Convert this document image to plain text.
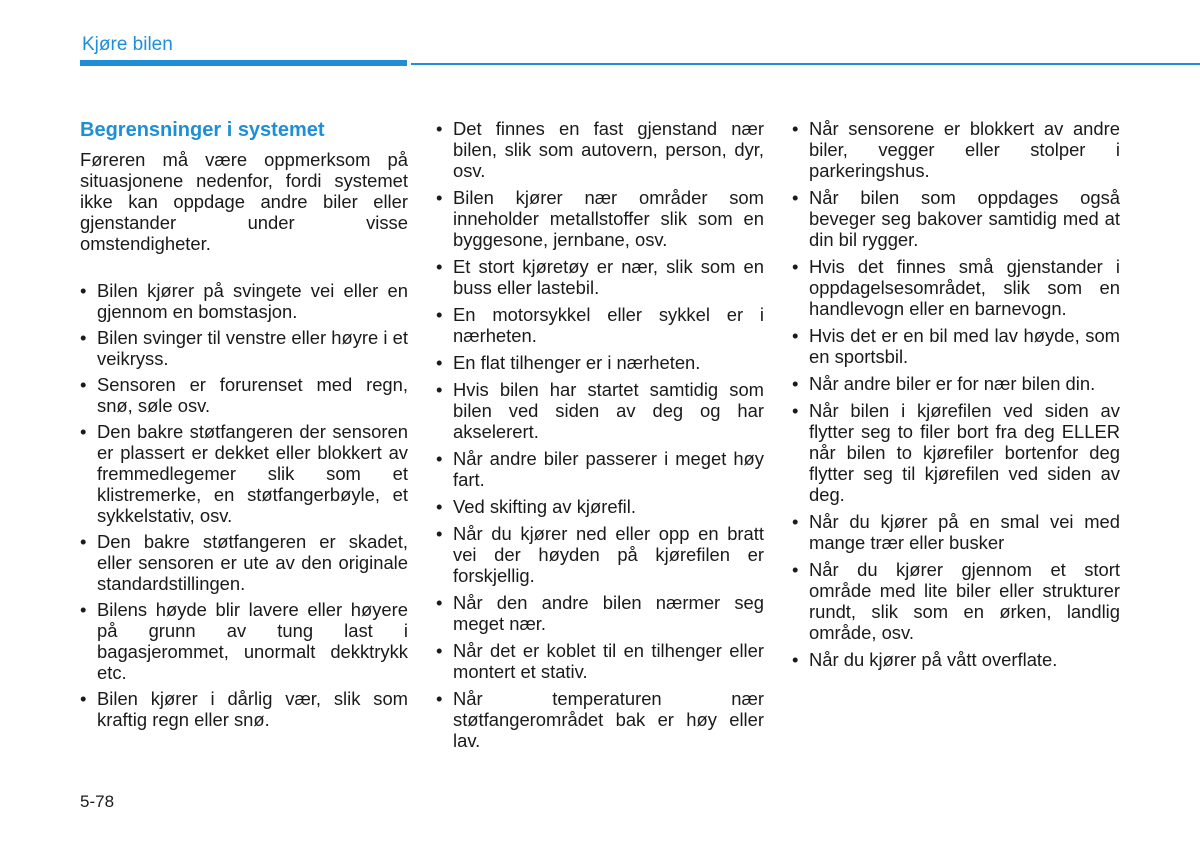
Kjøre bilen
Begrensninger i systemet
Føreren må være oppmerksom på situasjonene nedenfor, fordi systemet ikke kan oppdage andre biler eller gjenstander under visse omstendigheter.
• Bilen kjører på svingete vei eller en gjennom en bomstasjon.
• Bilen svinger til venstre eller høyre i et veikryss.
• Sensoren er forurenset med regn, snø, søle osv.
• Den bakre støtfangeren der sensoren er plassert er dekket eller blokkert av fremmedlegemer slik som et klistremerke, en støtfangerbøyle, et sykkelstativ, osv.
• Den bakre støtfangeren er skadet, eller sensoren er ute av den originale standardstillingen.
• Bilens høyde blir lavere eller høyere på grunn av tung last i bagasjerommet, unormalt dekktrykk etc.
• Bilen kjører i dårlig vær, slik som kraftig regn eller snø.
• Det finnes en fast gjenstand nær bilen, slik som autovern, person, dyr, osv.
• Bilen kjører nær områder som inneholder metallstoffer slik som en byggesone, jernbane, osv.
• Et stort kjøretøy er nær, slik som en buss eller lastebil.
• En motorsykkel eller sykkel er i nærheten.
• En flat tilhenger er i nærheten.
• Hvis bilen har startet samtidig som bilen ved siden av deg og har akselerert.
• Når andre biler passerer i meget høy fart.
• Ved skifting av kjørefil.
• Når du kjører ned eller opp en bratt vei der høyden på kjørefilen er forskjellig.
• Når den andre bilen nærmer seg meget nær.
• Når det er koblet til en tilhenger eller montert et stativ.
• Når temperaturen nær støtfangerområdet bak er høy eller lav.
• Når sensorene er blokkert av andre biler, vegger eller stolper i parkeringshus.
• Når bilen som oppdages også beveger seg bakover samtidig med at din bil rygger.
• Hvis det finnes små gjenstander i oppdagelsesområdet, slik som en handlevogn eller en barnevogn.
• Hvis det er en bil med lav høyde, som en sportsbil.
• Når andre biler er for nær bilen din.
• Når bilen i kjørefilen ved siden av flytter seg to filer bort fra deg ELLER når bilen to kjørefiler bortenfor deg flytter seg til kjørefilen ved siden av deg.
• Når du kjører på en smal vei med mange trær eller busker
• Når du kjører gjennom et stort område med lite biler eller strukturer rundt, slik som en ørken, landlig område, osv.
• Når du kjører på vått overflate.
5-78
